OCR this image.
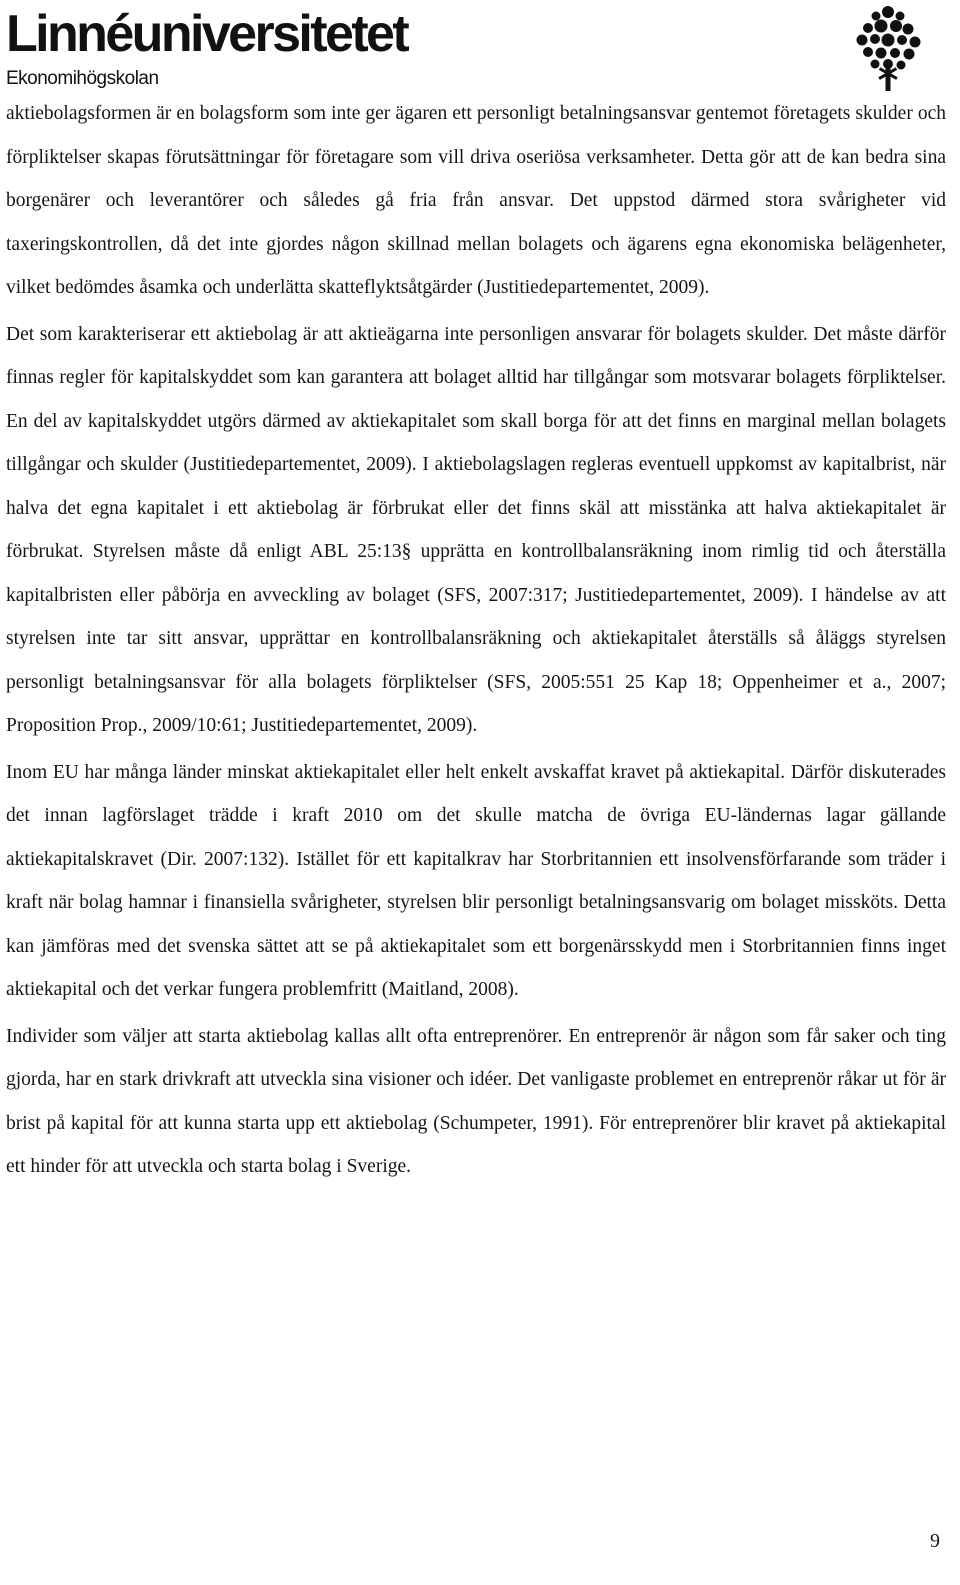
Linnéuniversitetet
Ekonomihögskolan

aktiebolagsformen är en bolagsform som inte ger ägaren ett personligt betalningsansvar gentemot företagets skulder och förpliktelser skapas förutsättningar för företagare som vill driva oseriösa verksamheter. Detta gör att de kan bedra sina borgenärer och leverantörer och således gå fria från ansvar. Det uppstod därmed stora svårigheter vid taxeringskontrollen, då det inte gjordes någon skillnad mellan bolagets och ägarens egna ekonomiska belägenheter, vilket bedömdes åsamka och underlätta skatteflyktsåtgärder (Justitiedepartementet, 2009).

Det som karakteriserar ett aktiebolag är att aktieägarna inte personligen ansvarar för bolagets skulder. Det måste därför finnas regler för kapitalskyddet som kan garantera att bolaget alltid har tillgångar som motsvarar bolagets förpliktelser. En del av kapitalskyddet utgörs därmed av aktiekapitalet som skall borga för att det finns en marginal mellan bolagets tillgångar och skulder (Justitiedepartementet, 2009). I aktiebolagslagen regleras eventuell uppkomst av kapitalbrist, när halva det egna kapitalet i ett aktiebolag är förbrukat eller det finns skäl att misstänka att halva aktiekapitalet är förbrukat. Styrelsen måste då enligt ABL 25:13§ upprätta en kontrollbalansräkning inom rimlig tid och återställa kapitalbristen eller påbörja en avveckling av bolaget (SFS, 2007:317; Justitiedepartementet, 2009). I händelse av att styrelsen inte tar sitt ansvar, upprättar en kontrollbalansräkning och aktiekapitalet återställs så åläggs styrelsen personligt betalningsansvar för alla bolagets förpliktelser (SFS, 2005:551 25 Kap 18; Oppenheimer et a., 2007; Proposition Prop., 2009/10:61; Justitiedepartementet, 2009).

Inom EU har många länder minskat aktiekapitalet eller helt enkelt avskaffat kravet på aktiekapital. Därför diskuterades det innan lagförslaget trädde i kraft 2010 om det skulle matcha de övriga EU-ländernas lagar gällande aktiekapitalskravet (Dir. 2007:132). Istället för ett kapitalkrav har Storbritannien ett insolvensförfarande som träder i kraft när bolag hamnar i finansiella svårigheter, styrelsen blir personligt betalningsansvarig om bolaget missköts. Detta kan jämföras med det svenska sättet att se på aktiekapitalet som ett borgenärsskydd men i Storbritannien finns inget aktiekapital och det verkar fungera problemfritt (Maitland, 2008).

Individer som väljer att starta aktiebolag kallas allt ofta entreprenörer. En entreprenör är någon som får saker och ting gjorda, har en stark drivkraft att utveckla sina visioner och idéer. Det vanligaste problemet en entreprenör råkar ut för är brist på kapital för att kunna starta upp ett aktiebolag (Schumpeter, 1991). För entreprenörer blir kravet på aktiekapital ett hinder för att utveckla och starta bolag i Sverige.

9
